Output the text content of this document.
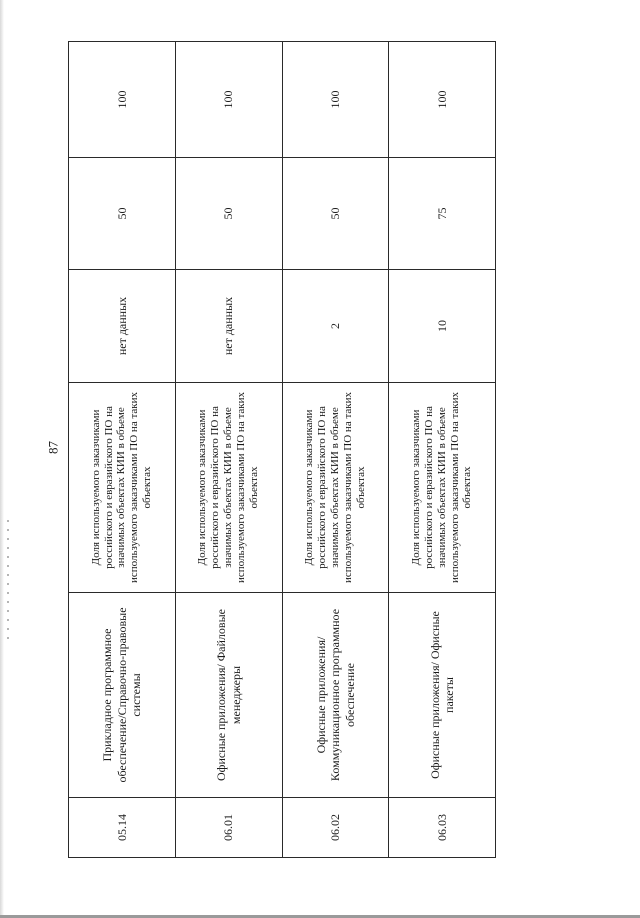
87
05.14	Прикладное программное обеспечение/Справочно-правовые системы	Доля используемого заказчиками российского и евразийского ПО на значимых объектах КИИ в объеме используемого заказчиками ПО на таких объектах	нет данных	50	100
06.01	Офисные приложения/ Файловые менеджеры	Доля используемого заказчиками российского и евразийского ПО на значимых объектах КИИ в объеме используемого заказчиками ПО на таких объектах	нет данных	50	100
06.02	Офисные приложения/ Коммуникационное программное обеспечение	Доля используемого заказчиками российского и евразийского ПО на значимых объектах КИИ в объеме используемого заказчиками ПО на таких объектах	2	50	100
06.03	Офисные приложения/ Офисные пакеты	Доля используемого заказчиками российского и евразийского ПО на значимых объектах КИИ в объеме используемого заказчиками ПО на таких объектах	10	75	100
